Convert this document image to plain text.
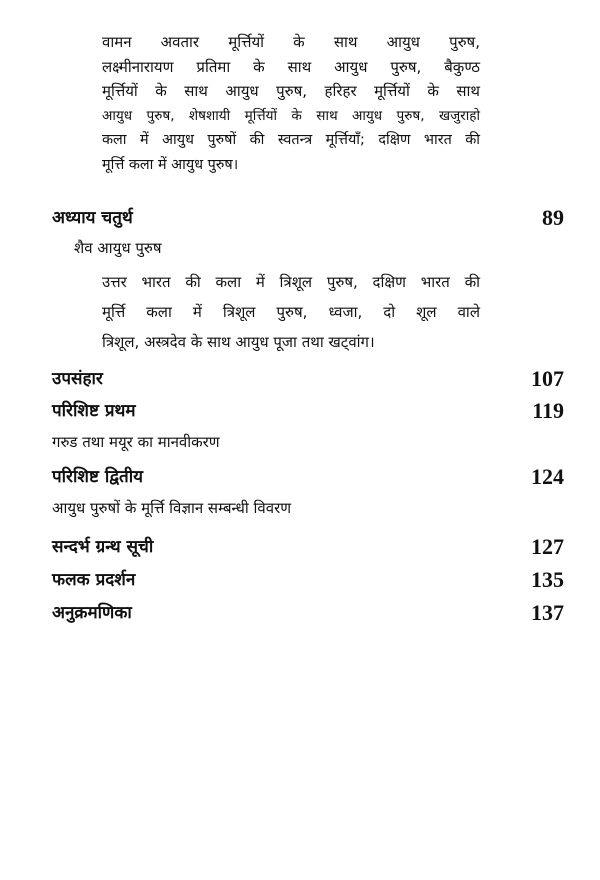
वामन अवतार मूर्त्तियों के साथ आयुध पुरुष,
लक्ष्मीनारायण प्रतिमा के साथ आयुध पुरुष, बैकुण्ठ
मूर्त्तियों के साथ आयुध पुरुष, हरिहर मूर्त्तियों के साथ
आयुध पुरुष, शेषशायी मूर्त्तियों के साथ आयुध पुरुष, खजुराहो
कला में आयुध पुरुषों की स्वतन्त्र मूर्त्तियाँ; दक्षिण भारत की
मूर्त्ति कला में आयुध पुरुष।
अध्याय चतुर्थ	89
शैव आयुध पुरुष
उत्तर भारत की कला में त्रिशूल पुरुष, दक्षिण भारत की
मूर्त्ति कला में त्रिशूल पुरुष, ध्वजा, दो शूल वाले
त्रिशूल, अस्त्रदेव के साथ आयुध पूजा तथा खट्वांग।
उपसंहार	107
परिशिष्ट प्रथम	119
गरुड तथा मयूर का मानवीकरण
परिशिष्ट द्वितीय	124
आयुध पुरुषों के मूर्त्ति विज्ञान सम्बन्धी विवरण
सन्दर्भ ग्रन्थ सूची	127
फलक प्रदर्शन	135
अनुक्रमणिका	137
